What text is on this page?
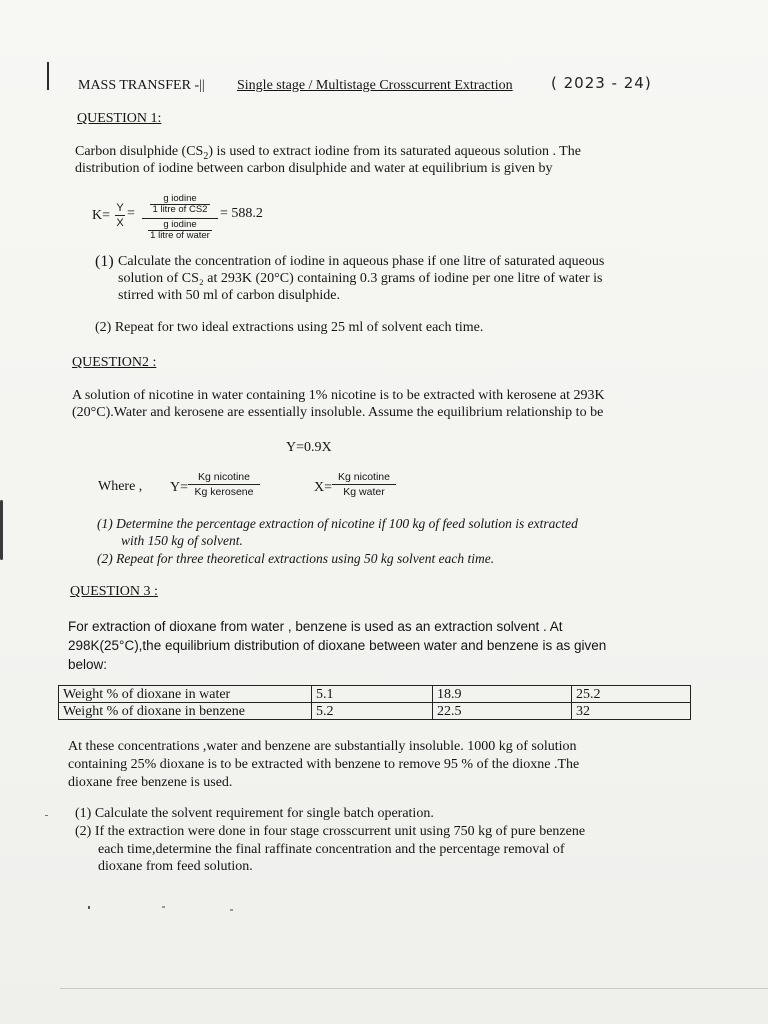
MASS TRANSFER -|| Single stage / Multistage Crosscurrent Extraction	( 2023 - 24)
QUESTION 1:
Carbon disulphide $(CS_2)$ is used to extract iodine from its saturated aqueous solution . The
distribution of iodine between carbon disulphide and water at equilibrium is given by
K= Y
X
= $\frac{\text{g iodine}}{\text{1 litre of CS2}}$
$\frac{\text{g iodine}}{\text{1 litre of water}}$
= 588.2
(1) Calculate the concentration of iodine in aqueous phase if one litre of saturated aqueous
solution of CS₂ at 293K (20°C) containing 0.3 grams of iodine per one litre of water is
stirred with 50 ml of carbon disulphide.
(2) Repeat for two ideal extractions using 25 ml of solvent each time.
QUESTION2 :
A solution of nicotine in water containing 1% nicotine is to be extracted with kerosene at 293K
(20°C).Water and kerosene are essentially insoluble. Assume the equilibrium relationship to be
Y=0.9X
Where , Y=
Kg nicotine
Kg kerosene	X=
Kg nicotine
Kg water
(1) Determine the percentage extraction of nicotine if 100 kg of feed solution is extracted
with 150 kg of solvent.
(2) Repeat for three theoretical extractions using 50 kg solvent each time.
QUESTION 3 :
For extraction of dioxane from water , benzene is used as an extraction solvent . At
298K(25°C),the equilibrium distribution of dioxane between water and benzene is as given
below:
Weight % of dioxane in water	5.1	18.9	25.2
Weight % of dioxane in benzene	5.2	22.5	32
At these concentrations ,water and benzene are substantially insoluble. 1000 kg of solution
containing 25% dioxane is to be extracted with benzene to remove 95 % of the dioxne .The
dioxane free benzene is used.
(1) Calculate the solvent requirement for single batch operation.
(2) If the extraction were done in four stage crosscurrent unit using 750 kg of pure benzene
each time,determine the final raffinate concentration and the percentage removal of
dioxane from feed solution.
